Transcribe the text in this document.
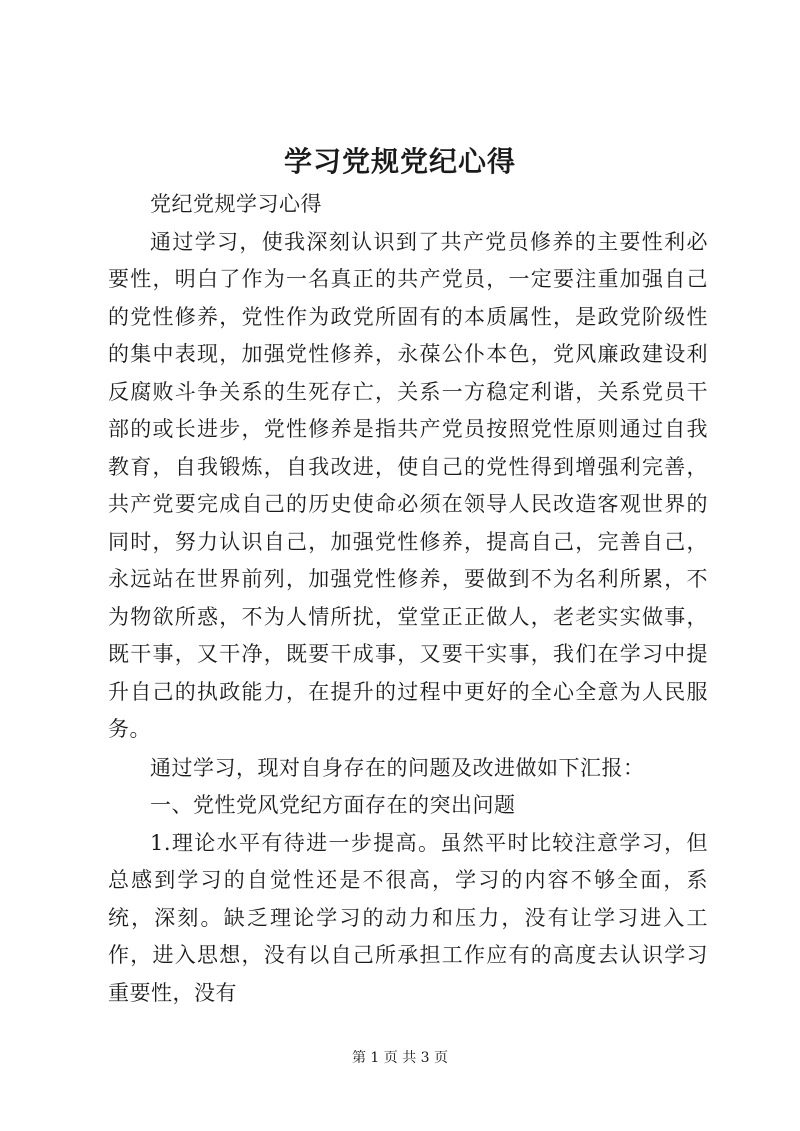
学习党规党纪心得

党纪党规学习心得

通过学习，使我深刻认识到了共产党员修养的主要性利必要性，明白了作为一名真正的共产党员，一定要注重加强自己的党性修养，党性作为政党所固有的本质属性，是政党阶级性的集中表现，加强党性修养，永葆公仆本色，党风廉政建设利反腐败斗争关系的生死存亡，关系一方稳定利谐，关系党员干部的或长进步，党性修养是指共产党员按照党性原则通过自我教育，自我锻炼，自我改进，使自己的党性得到增强利完善，共产党要完成自己的历史使命必须在领导人民改造客观世界的同时，努力认识自己，加强党性修养，提高自己，完善自己，永远站在世界前列，加强党性修养，要做到不为名利所累，不为物欲所惑，不为人情所扰，堂堂正正做人，老老实实做事，既干事，又干净，既要干成事，又要干实事，我们在学习中提升自己的执政能力，在提升的过程中更好的全心全意为人民服务。

通过学习，现对自身存在的问题及改进做如下汇报：

一、党性党风党纪方面存在的突出问题

1.理论水平有待进一步提高。虽然平时比较注意学习，但总感到学习的自觉性还是不很高，学习的内容不够全面，系统，深刻。缺乏理论学习的动力和压力，没有让学习进入工作，进入思想，没有以自己所承担工作应有的高度去认识学习重要性，没有

第 1 页 共 3 页
